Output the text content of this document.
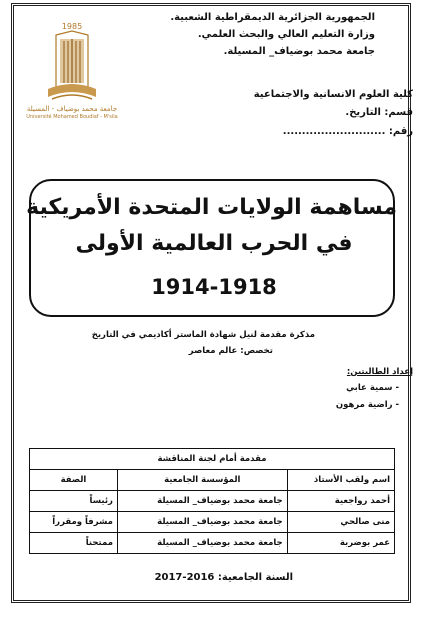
1985
جامعة محمد بوضياف - المسيلة
Université Mohamed Boudiaf - M'sila
الجمهورية الجزائرية الديمقراطية الشعبية.
وزارة التعليم العالي والبحث العلمي.
جامعة محمد بوضياف_ المسيلة.
كلية العلوم الانسانية والاجتماعية
قسم: التاريخ.
رقم: ...........................
مساهمة الولايات المتحدة الأمريكية
في الحرب العالمية الأولى
1914-1918
مذكرة مقدمة لنيل شهادة الماستر أكاديمي في التاريخ
تخصص: عالم معاصر
إعداد الطالبتين:
- سمية عابي
- راضية مرهون
مقدمة أمام لجنة المناقشة		
اسم ولقب الأستاذ	المؤسسة الجامعية	الصفة
أحمد رواجعية	جامعة محمد بوضياف_ المسيلة	رئيساً
منى صالحي	جامعة محمد بوضياف_ المسيلة	مشرفاً ومقرراً
عمر بوضربة	جامعة محمد بوضياف_ المسيلة	ممتحناً
السنة الجامعية: 2016-2017
